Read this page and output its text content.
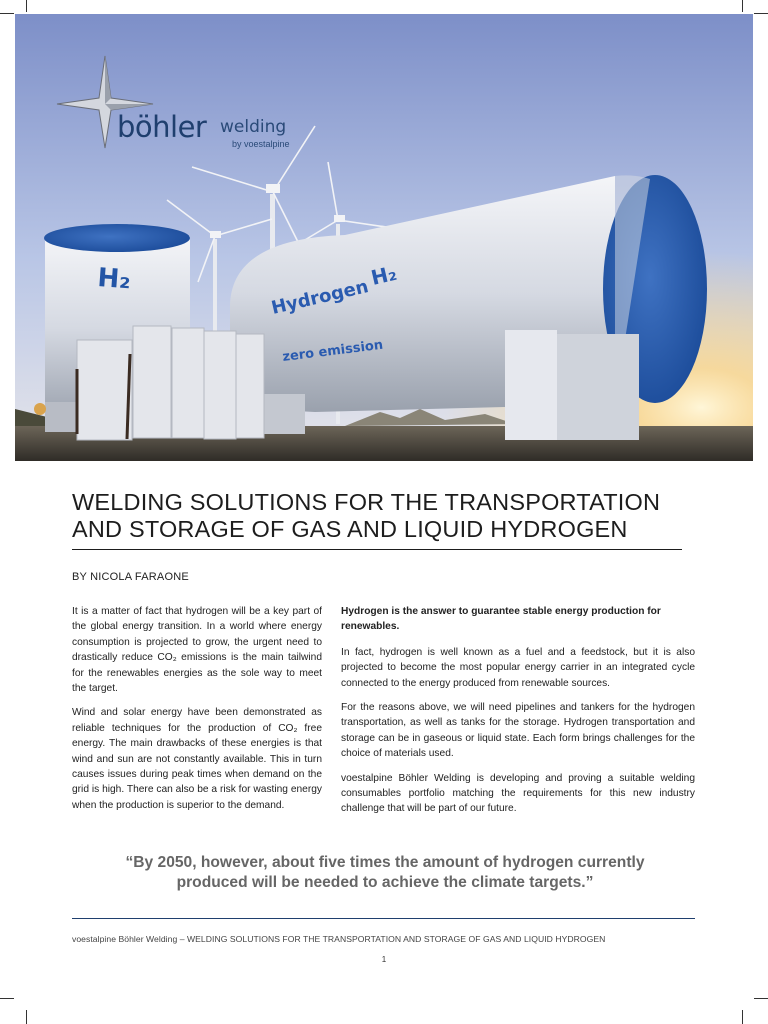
böhler welding
by voestalpine
H₂	Hydrogen
H₂
zero emission
WELDING SOLUTIONS FOR THE TRANSPORTATION AND STORAGE OF GAS AND LIQUID HYDROGEN
BY NICOLA FARAONE

It is a matter of fact that hydrogen will be a key part of the global energy transition. In a world where energy consumption is projected to grow, the urgent need to drastically reduce CO₂ emissions is the main tailwind for the renewables energies as the sole way to meet the target.

Wind and solar energy have been demonstrated as reliable techniques for the production of CO₂ free energy. The main drawbacks of these energies is that wind and sun are not constantly available. This in turn causes issues during peak times when demand on the grid is high. There can also be a risk for wasting energy when the production is superior to the demand.

Hydrogen is the answer to guarantee stable energy production for renewables.

In fact, hydrogen is well known as a fuel and a feedstock, but it is also projected to become the most popular energy carrier in an integrated cycle connected to the energy produced from renewable sources.

For the reasons above, we will need pipelines and tankers for the hydrogen transportation, as well as tanks for the storage. Hydrogen transportation and storage can be in gaseous or liquid state. Each form brings challenges for the choice of materials used.

voestalpine Böhler Welding is developing and proving a suitable welding consumables portfolio matching the requirements for this new industry challenge that will be part of our future.

“By 2050, however, about five times the amount of hydrogen currently produced will be needed to achieve the climate targets.”
voestalpine Böhler Welding – WELDING SOLUTIONS FOR THE TRANSPORTATION AND STORAGE OF GAS AND LIQUID HYDROGEN
1
